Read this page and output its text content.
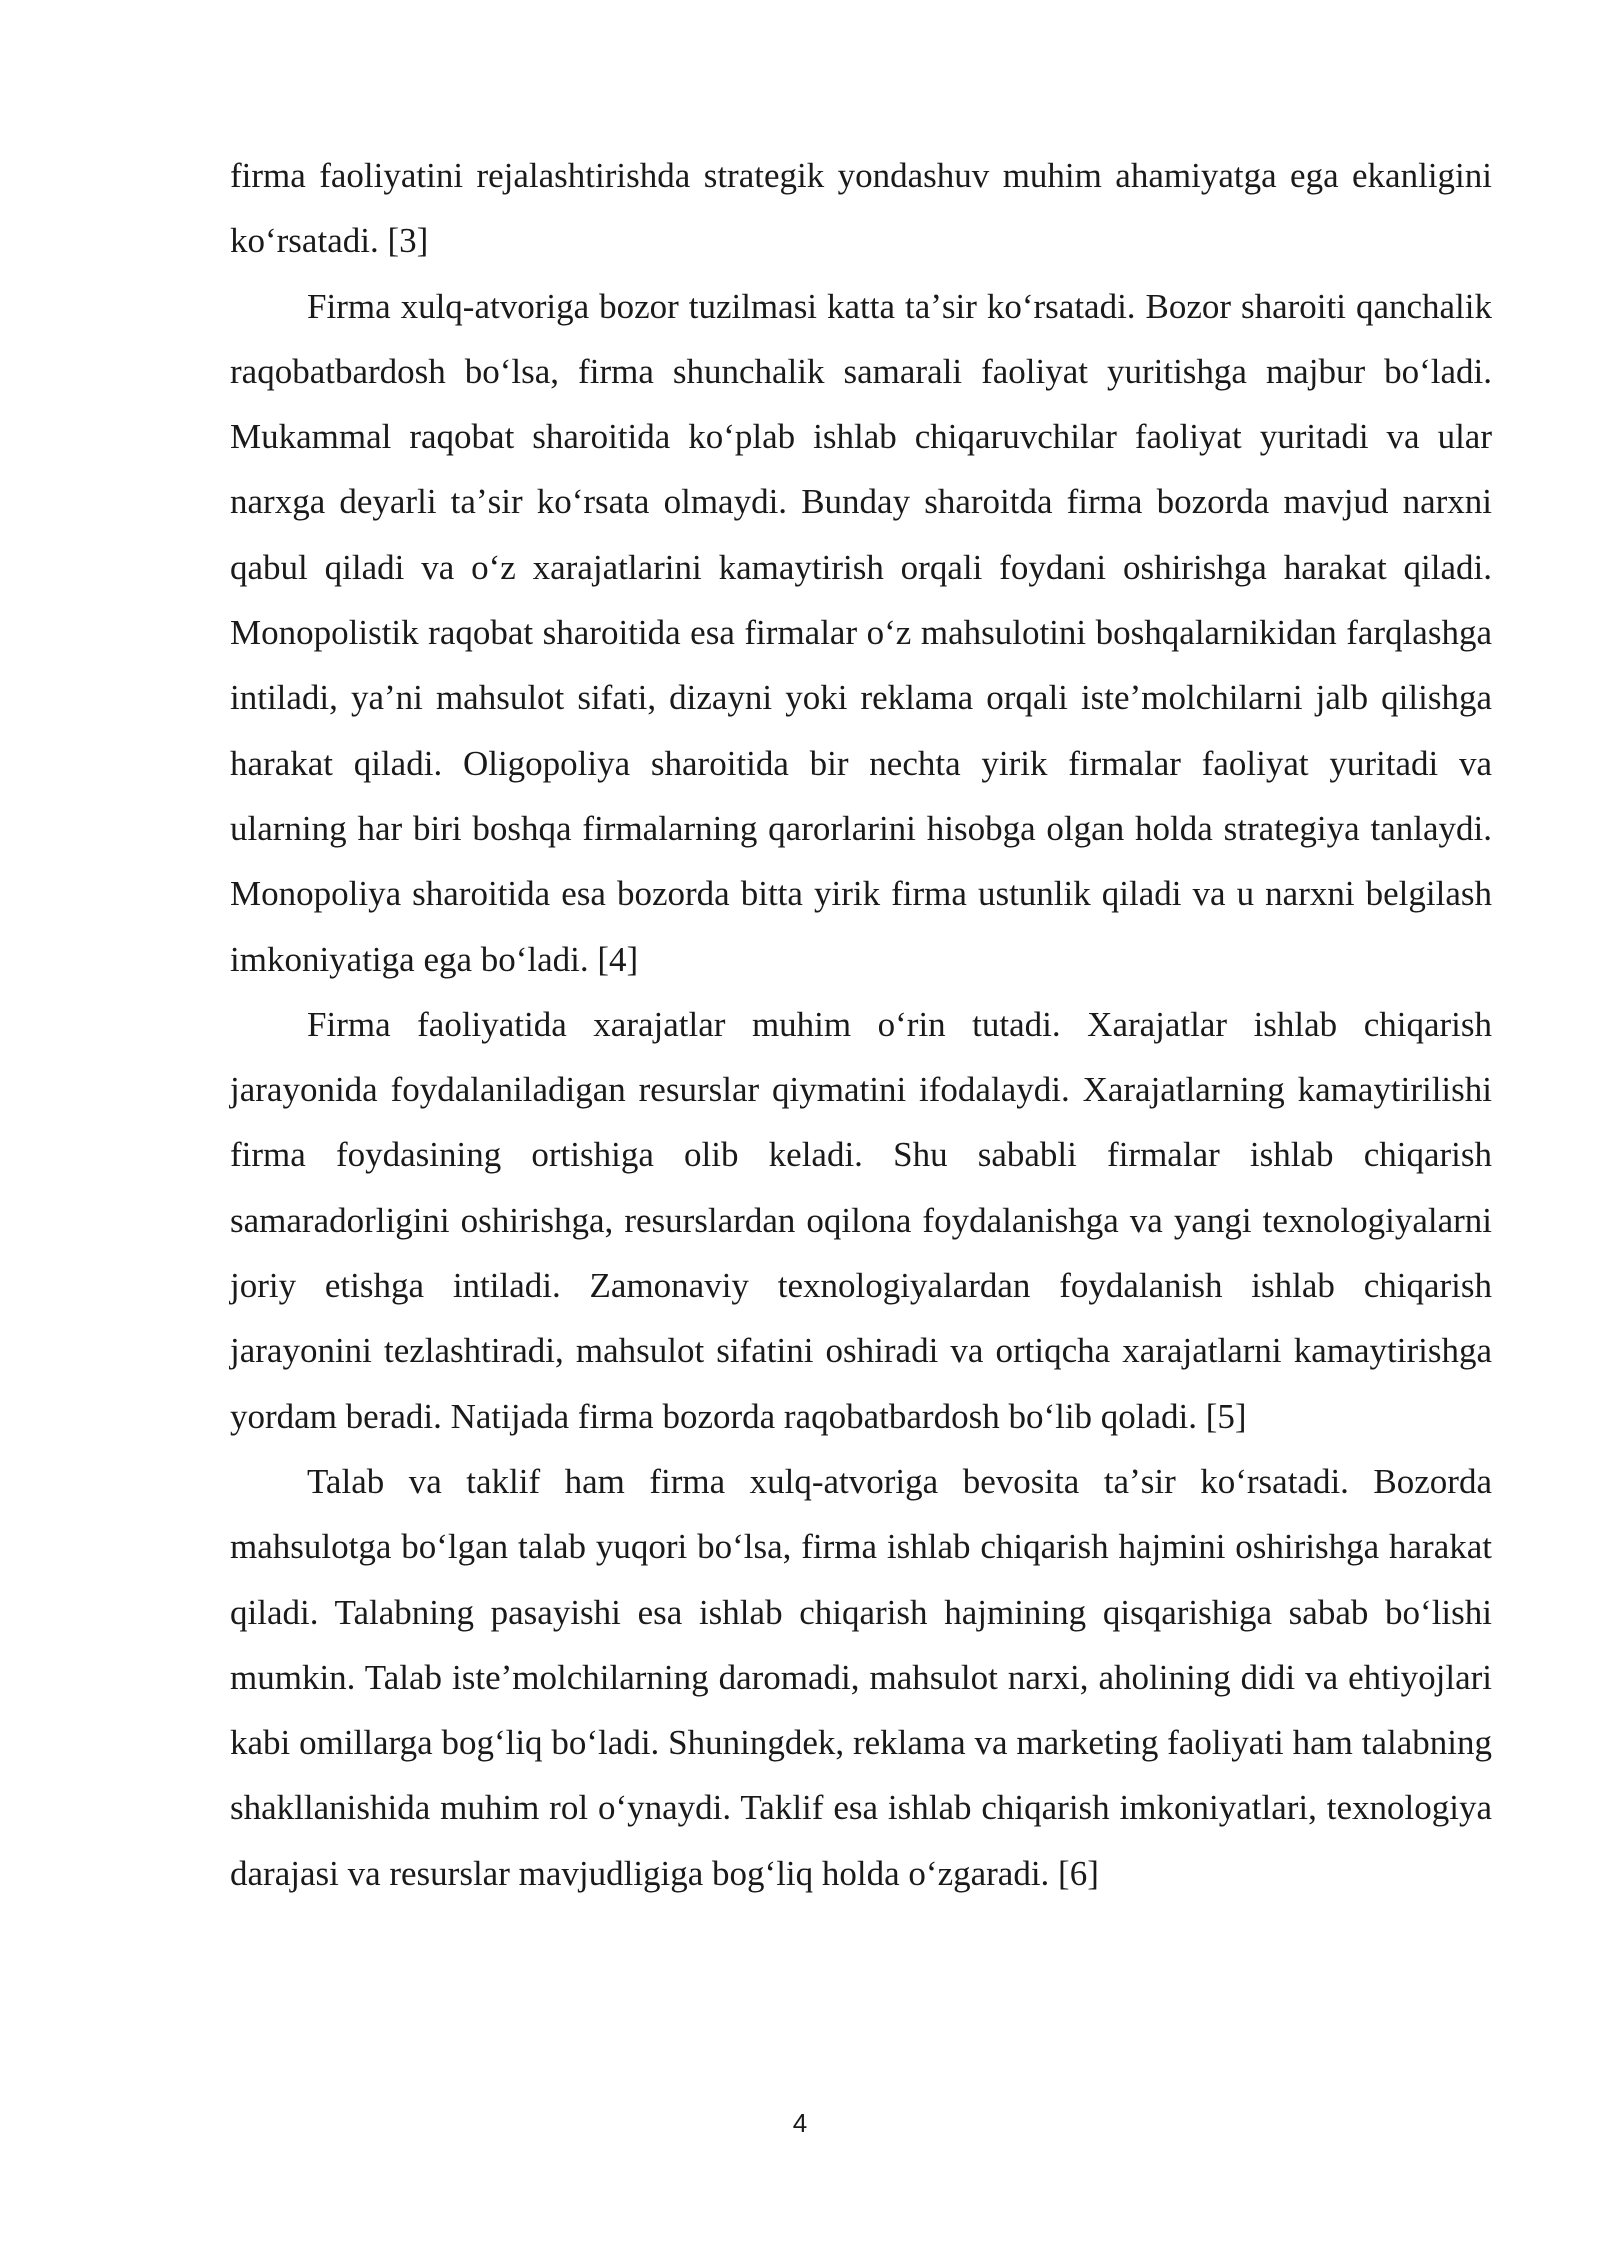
firma faoliyatini rejalashtirishda strategik yondashuv muhim ahamiyatga ega ekanligini koʻrsatadi. [3]

Firma xulq-atvoriga bozor tuzilmasi katta taʼsir koʻrsatadi. Bozor sharoiti qanchalik raqobatbardosh boʻlsa, firma shunchalik samarali faoliyat yuritishga majbur boʻladi. Mukammal raqobat sharoitida koʻplab ishlab chiqaruvchilar faoliyat yuritadi va ular narxga deyarli taʼsir koʻrsata olmaydi. Bunday sharoitda firma bozorda mavjud narxni qabul qiladi va oʻz xarajatlarini kamaytirish orqali foydani oshirishga harakat qiladi. Monopolistik raqobat sharoitida esa firmalar oʻz mahsulotini boshqalarnikidan farqlashga intiladi, yaʼni mahsulot sifati, dizayni yoki reklama orqali isteʼmolchilarni jalb qilishga harakat qiladi. Oligopoliya sharoitida bir nechta yirik firmalar faoliyat yuritadi va ularning har biri boshqa firmalarning qarorlarini hisobga olgan holda strategiya tanlaydi. Monopoliya sharoitida esa bozorda bitta yirik firma ustunlik qiladi va u narxni belgilash imkoniyatiga ega boʻladi. [4]

Firma faoliyatida xarajatlar muhim oʻrin tutadi. Xarajatlar ishlab chiqarish jarayonida foydalaniladigan resurslar qiymatini ifodalaydi. Xarajatlarning kamaytirilishi firma foydasining ortishiga olib keladi. Shu sababli firmalar ishlab chiqarish samaradorligini oshirishga, resurslardan oqilona foydalanishga va yangi texnologiyalarni joriy etishga intiladi. Zamonaviy texnologiyalardan foydalanish ishlab chiqarish jarayonini tezlashtiradi, mahsulot sifatini oshiradi va ortiqcha xarajatlarni kamaytirishga yordam beradi. Natijada firma bozorda raqobatbardosh boʻlib qoladi. [5]

Talab va taklif ham firma xulq-atvoriga bevosita taʼsir koʻrsatadi. Bozorda mahsulotga boʻlgan talab yuqori boʻlsa, firma ishlab chiqarish hajmini oshirishga harakat qiladi. Talabning pasayishi esa ishlab chiqarish hajmining qisqarishiga sabab boʻlishi mumkin. Talab isteʼmolchilarning daromadi, mahsulot narxi, aholining didi va ehtiyojlari kabi omillarga bogʻliq boʻladi. Shuningdek, reklama va marketing faoliyati ham talabning shakllanishida muhim rol oʻynaydi. Taklif esa ishlab chiqarish imkoniyatlari, texnologiya darajasi va resurslar mavjudligiga bogʻliq holda oʻzgaradi. [6]

4
